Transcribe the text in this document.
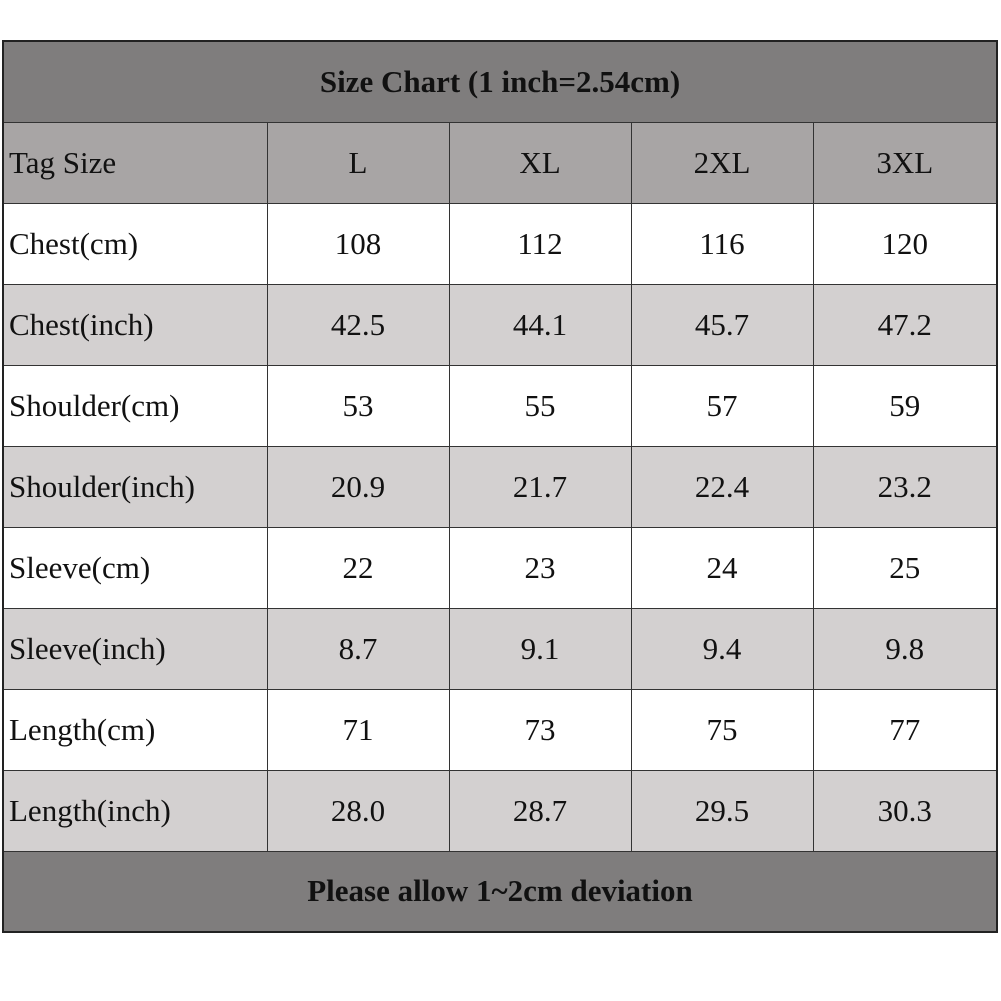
Size Chart (1 inch=2.54cm)				
Tag Size	L	XL	2XL	3XL
Chest(cm)	108	112	116	120
Chest(inch)	42.5	44.1	45.7	47.2
Shoulder(cm)	53	55	57	59
Shoulder(inch)	20.9	21.7	22.4	23.2
Sleeve(cm)	22	23	24	25
Sleeve(inch)	8.7	9.1	9.4	9.8
Length(cm)	71	73	75	77
Length(inch)	28.0	28.7	29.5	30.3
Please allow 1~2cm deviation				
